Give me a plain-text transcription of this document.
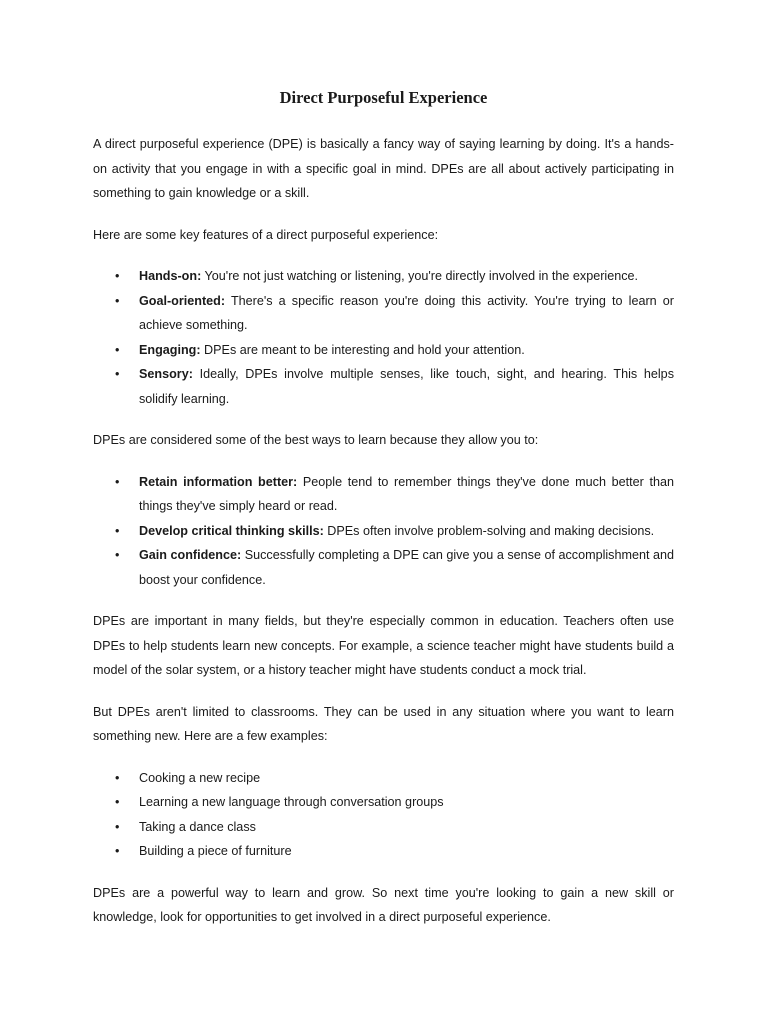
Direct Purposeful Experience

A direct purposeful experience (DPE) is basically a fancy way of saying learning by doing. It's a hands-on activity that you engage in with a specific goal in mind. DPEs are all about actively participating in something to gain knowledge or a skill.

Here are some key features of a direct purposeful experience:

•	Hands-on: You're not just watching or listening, you're directly involved in the experience.
•	Goal-oriented: There's a specific reason you're doing this activity. You're trying to learn or achieve something.
•	Engaging: DPEs are meant to be interesting and hold your attention.
•	Sensory: Ideally, DPEs involve multiple senses, like touch, sight, and hearing. This helps solidify learning.

DPEs are considered some of the best ways to learn because they allow you to:

•	Retain information better: People tend to remember things they've done much better than things they've simply heard or read.
•	Develop critical thinking skills: DPEs often involve problem-solving and making decisions.
•	Gain confidence: Successfully completing a DPE can give you a sense of accomplishment and boost your confidence.

DPEs are important in many fields, but they're especially common in education. Teachers often use DPEs to help students learn new concepts. For example, a science teacher might have students build a model of the solar system, or a history teacher might have students conduct a mock trial.

But DPEs aren't limited to classrooms. They can be used in any situation where you want to learn something new. Here are a few examples:

•	Cooking a new recipe
•	Learning a new language through conversation groups
•	Taking a dance class
•	Building a piece of furniture

DPEs are a powerful way to learn and grow. So next time you're looking to gain a new skill or knowledge, look for opportunities to get involved in a direct purposeful experience.
